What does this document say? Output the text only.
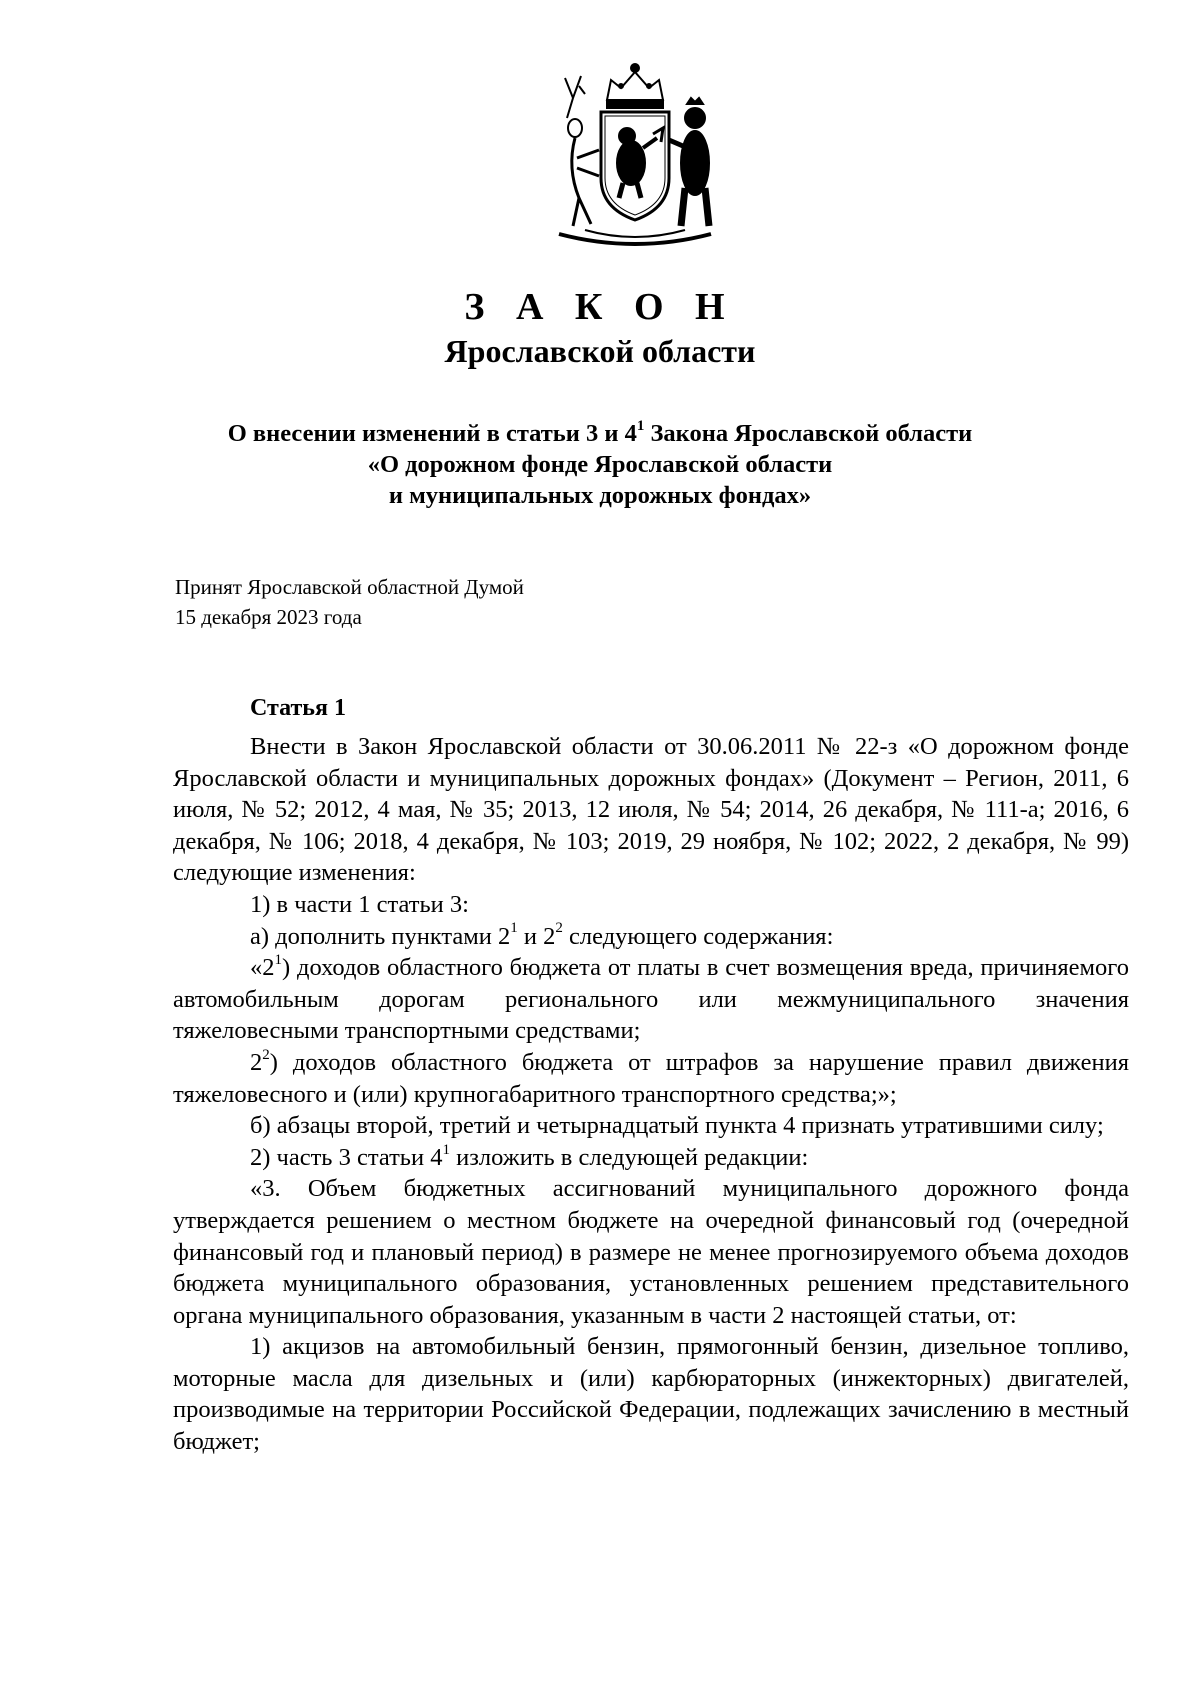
З А К О Н
Ярославской области
О внесении изменений в статьи 3 и $4^1$ Закона Ярославской области
«О дорожном фонде Ярославской области
и муниципальных дорожных фондах»
Принят Ярославской областной Думой
15 декабря 2023 года
Статья 1

Внести в Закон Ярославской области от 30.06.2011 № 22-з «О дорожном фонде Ярославской области и муниципальных дорожных фондах» (Документ – Регион, 2011, 6 июля, № 52; 2012, 4 мая, № 35; 2013, 12 июля, № 54; 2014, 26 декабря, № 111-а; 2016, 6 декабря, № 106; 2018, 4 декабря, № 103; 2019, 29 ноября, № 102; 2022, 2 декабря, № 99) следующие изменения:

1) в части 1 статьи 3:

а) дополнить пунктами $2^1$ и $2^2$ следующего содержания:

«$2^1$) доходов областного бюджета от платы в счет возмещения вреда, причиняемого автомобильным дорогам регионального или межмуниципального значения тяжеловесными транспортными средствами;

$2^2$) доходов областного бюджета от штрафов за нарушение правил движения тяжеловесного и (или) крупногабаритного транспортного средства;»;

б) абзацы второй, третий и четырнадцатый пункта 4 признать утратившими силу;

2) часть 3 статьи $4^1$ изложить в следующей редакции:

«3. Объем бюджетных ассигнований муниципального дорожного фонда утверждается решением о местном бюджете на очередной финансовый год (очередной финансовый год и плановый период) в размере не менее прогнозируемого объема доходов бюджета муниципального образования, установленных решением представительного органа муниципального образования, указанным в части 2 настоящей статьи, от:

1) акцизов на автомобильный бензин, прямогонный бензин, дизельное топливо, моторные масла для дизельных и (или) карбюраторных (инжекторных) двигателей, производимые на территории Российской Федерации, подлежащих зачислению в местный бюджет;
